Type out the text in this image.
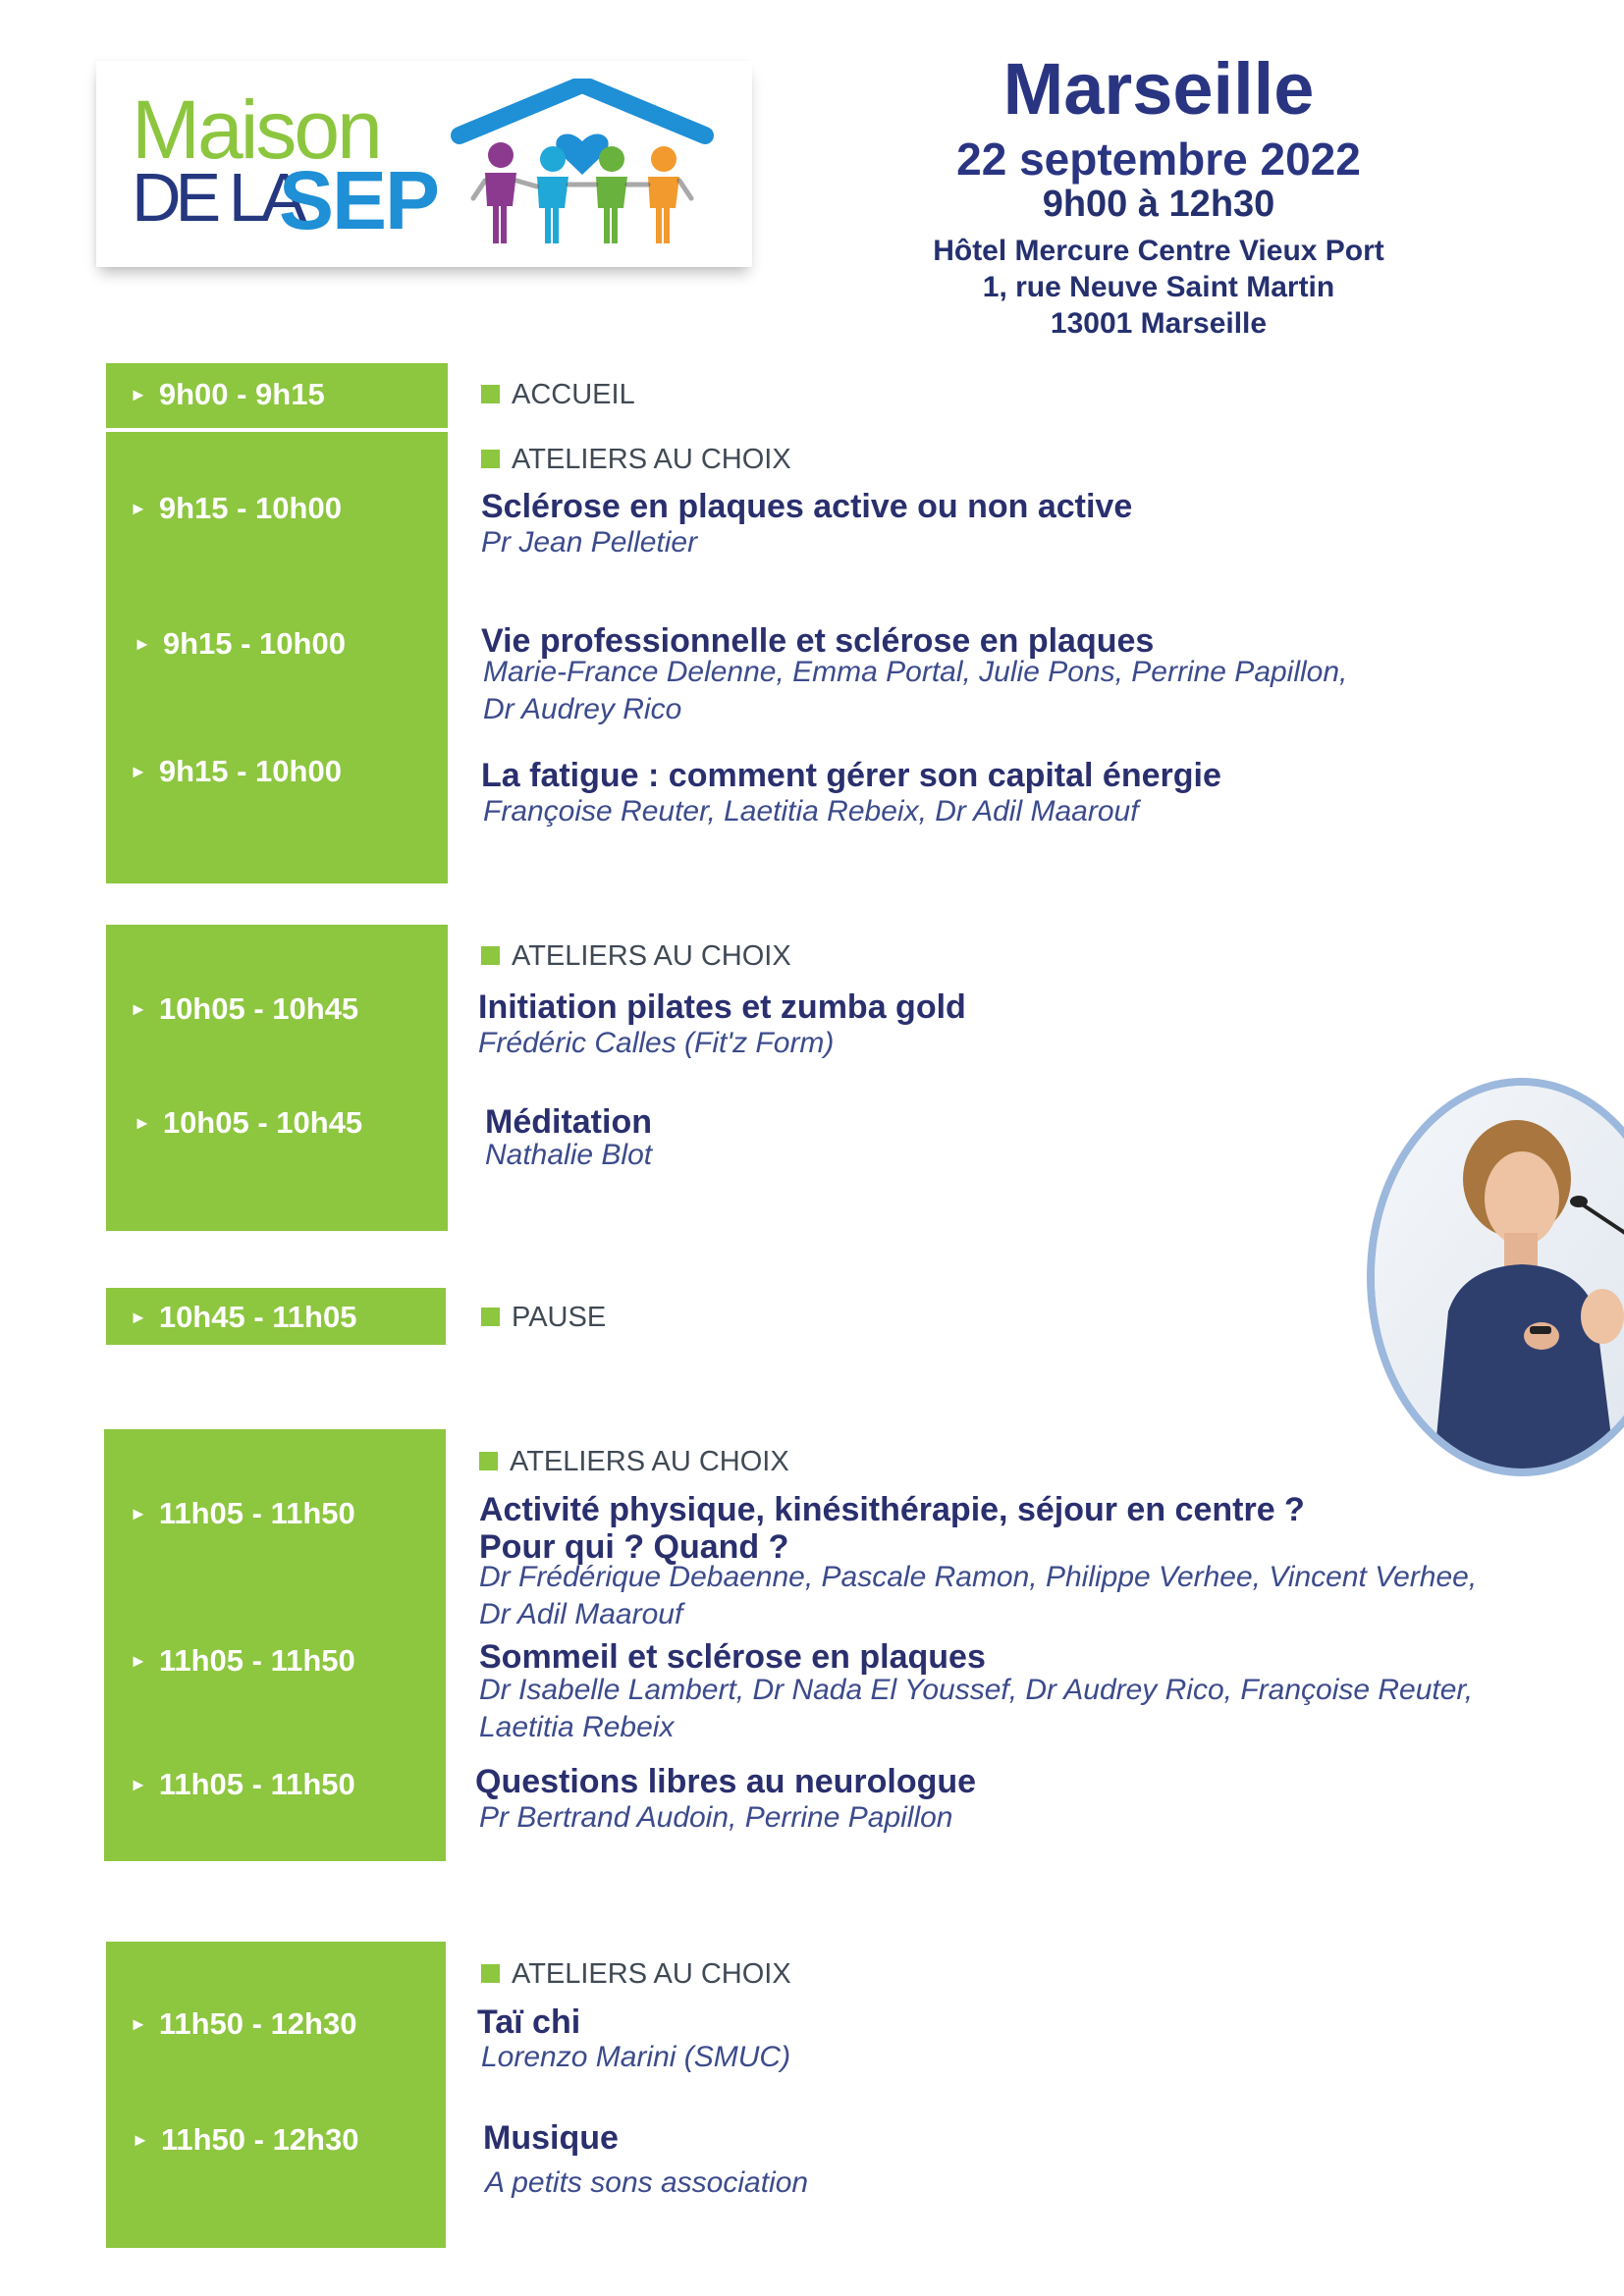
Maison
DE LA
SEP
Marseille
22 septembre 2022
9h00 à 12h30
Hôtel Mercure Centre Vieux Port
1, rue Neuve Saint Martin
13001 Marseille
► 9h00 - 9h15	ACCUEIL
ATELIERS AU CHOIX
► 9h15 - 10h00	Sclérose en plaques active ou non active
Pr Jean Pelletier
► 9h15 - 10h00	Vie professionnelle et sclérose en plaques
Marie-France Delenne, Emma Portal, Julie Pons, Perrine Papillon,
Dr Audrey Rico
► 9h15 - 10h00	La fatigue : comment gérer son capital énergie
Françoise Reuter, Laetitia Rebeix, Dr Adil Maarouf
ATELIERS AU CHOIX
► 10h05 - 10h45	Initiation pilates et zumba gold
Frédéric Calles (Fit'z Form)
► 10h05 - 10h45	Méditation
Nathalie Blot
► 10h45 - 11h05	PAUSE
ATELIERS AU CHOIX
► 11h05 - 11h50	Activité physique, kinésithérapie, séjour en centre ?
Pour qui ? Quand ?
Dr Frédérique Debaenne, Pascale Ramon, Philippe Verhee, Vincent Verhee,
Dr Adil Maarouf
► 11h05 - 11h50	Sommeil et sclérose en plaques
Dr Isabelle Lambert, Dr Nada El Youssef, Dr Audrey Rico, Françoise Reuter,
Laetitia Rebeix
► 11h05 - 11h50	Questions libres au neurologue
Pr Bertrand Audoin, Perrine Papillon
ATELIERS AU CHOIX
► 11h50 - 12h30	Taï chi
Lorenzo Marini (SMUC)
► 11h50 - 12h30	Musique
A petits sons association
